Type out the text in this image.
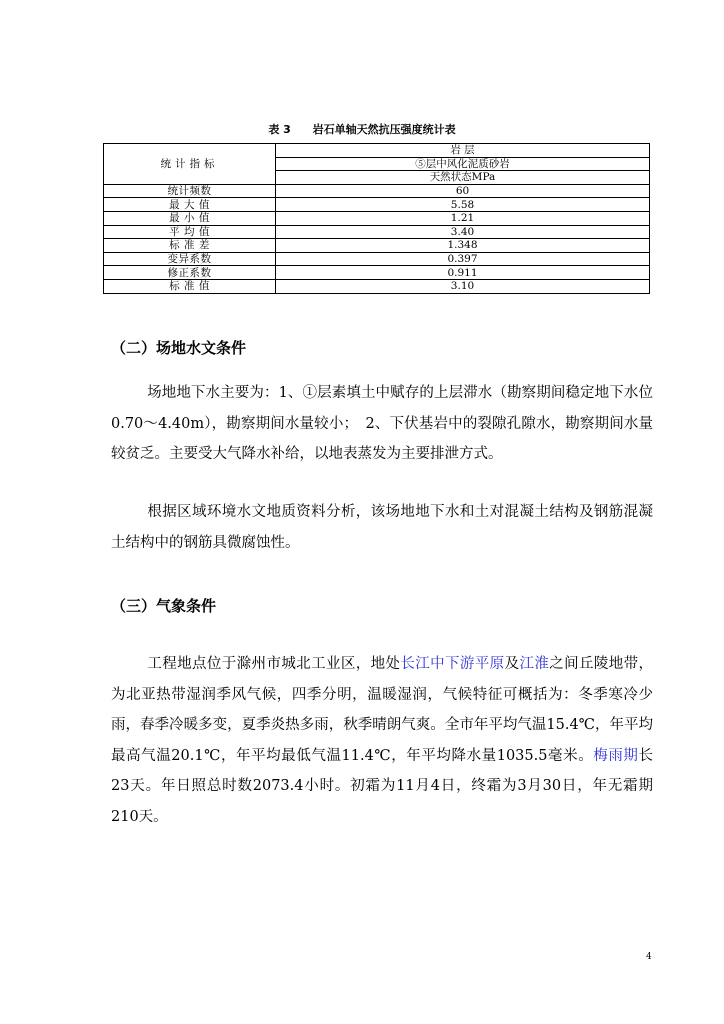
表 3 岩石单轴天然抗压强度统计表
统计指标	岩 层
	⑤层中风化泥质砂岩
	天然状态MPa
统计频数	60
最 大 值	5.58
最 小 值	1.21
平 均 值	3.40
标 准 差	1.348
变异系数	0.397
修正系数	0.911
标 准 值	3.10
（二）场地水文条件

场地地下水主要为：1、①层素填土中赋存的上层滞水（勘察期间稳定地下水位0.70～4.40m），勘察期间水量较小；　2、下伏基岩中的裂隙孔隙水，勘察期间水量较贫乏。主要受大气降水补给，以地表蒸发为主要排泄方式。

根据区域环境水文地质资料分析，该场地地下水和土对混凝土结构及钢筋混凝土结构中的钢筋具微腐蚀性。

（三）气象条件

工程地点位于滁州市城北工业区，地处长江中下游平原及江淮之间丘陵地带，为北亚热带湿润季风气候，四季分明，温暖湿润，气候特征可概括为：冬季寒冷少雨，春季冷暖多变，夏季炎热多雨，秋季晴朗气爽。全市年平均气温15.4℃，年平均最高气温20.1℃，年平均最低气温11.4℃，年平均降水量1035.5毫米。梅雨期长23天。年日照总时数2073.4小时。初霜为11月4日，终霜为3月30日，年无霜期210天。

4
